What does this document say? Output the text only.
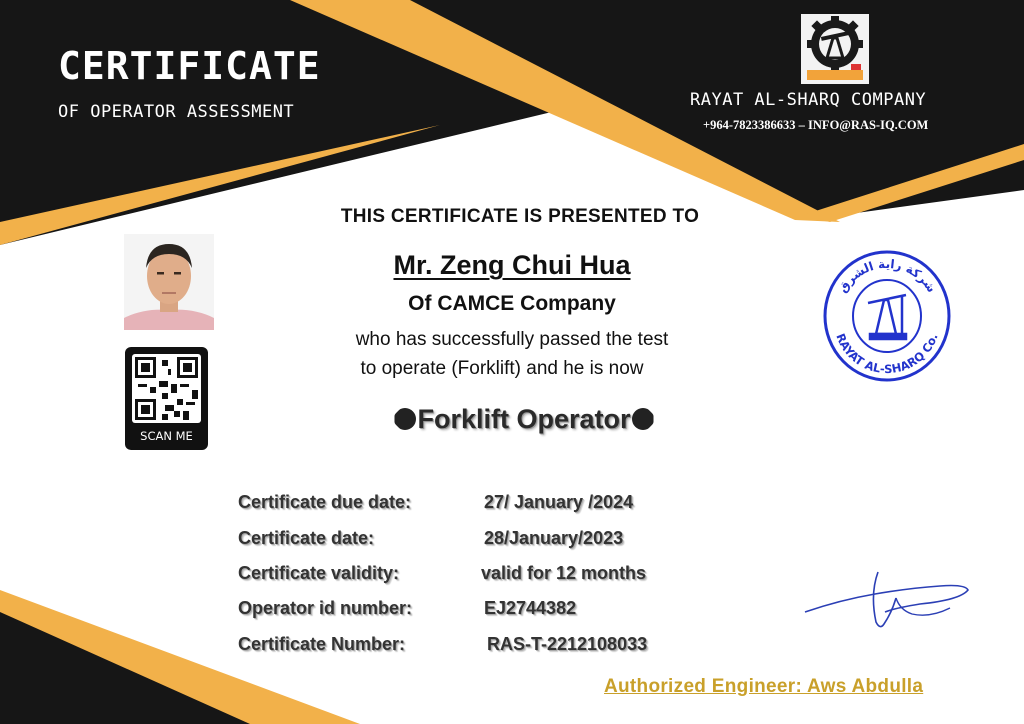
CERTIFICATE
OF OPERATOR ASSESSMENT
RAYAT AL-SHARQ COMPANY
+964-7823386633 – INFO@RAS-IQ.COM
THIS CERTIFICATE IS PRESENTED TO
Mr. Zeng Chui Hua
Of CAMCE Company
who has successfully passed the test
to operate (Forklift) and he is now
Forklift Operator
SCAN ME
شركة راية الشرق
RAYAT AL-SHARQ Co.
Certificate due date:	27/ January /2024
Certificate date:	28/January/2023
Certificate validity:	valid for 12 months
Operator id number:	EJ2744382
Certificate Number:	RAS-T-2212108033
Authorized Engineer: Aws Abdulla
